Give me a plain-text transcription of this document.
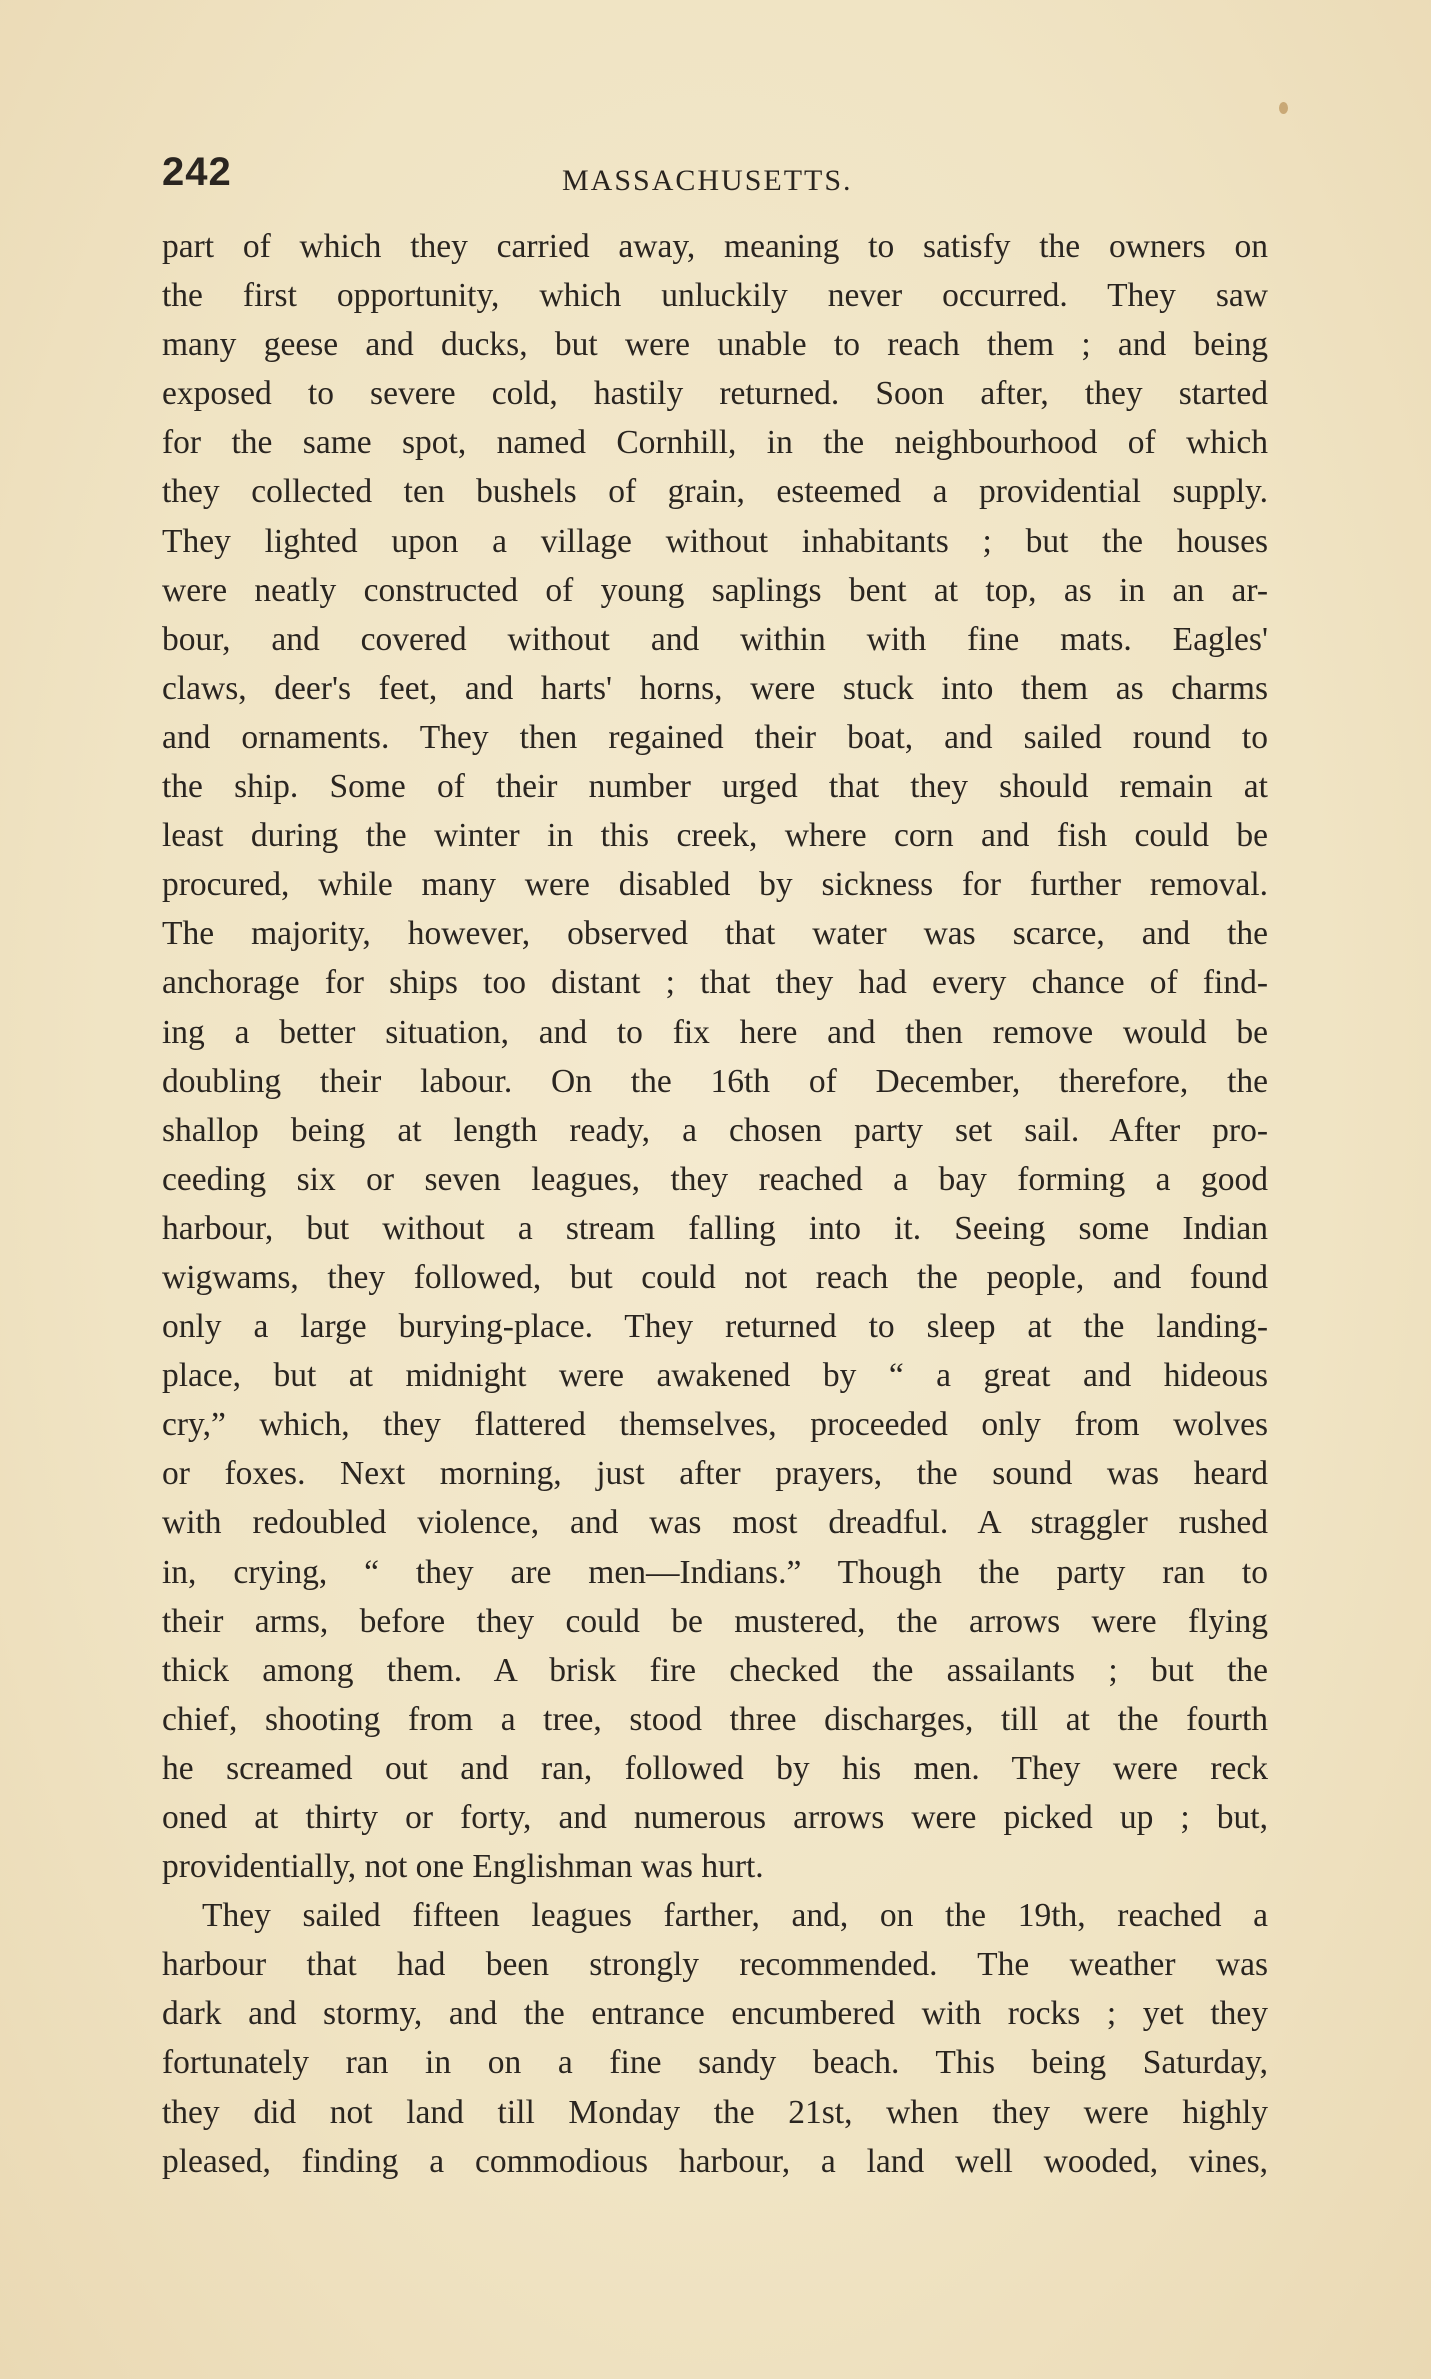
242	MASSACHUSETTS.
part of which they carried away, meaning to satisfy the owners on
the first opportunity, which unluckily never occurred. They saw
many geese and ducks, but were unable to reach them ; and being
exposed to severe cold, hastily returned. Soon after, they started
for the same spot, named Cornhill, in the neighbourhood of which
they collected ten bushels of grain, esteemed a providential supply.
They lighted upon a village without inhabitants ; but the houses
were neatly constructed of young saplings bent at top, as in an ar-
bour, and covered without and within with fine mats. Eagles'
claws, deer's feet, and harts' horns, were stuck into them as charms
and ornaments. They then regained their boat, and sailed round to
the ship. Some of their number urged that they should remain at
least during the winter in this creek, where corn and fish could be
procured, while many were disabled by sickness for further removal.
The majority, however, observed that water was scarce, and the
anchorage for ships too distant ; that they had every chance of find-
ing a better situation, and to fix here and then remove would be
doubling their labour. On the 16th of December, therefore, the
shallop being at length ready, a chosen party set sail. After pro-
ceeding six or seven leagues, they reached a bay forming a good
harbour, but without a stream falling into it. Seeing some Indian
wigwams, they followed, but could not reach the people, and found
only a large burying-place. They returned to sleep at the landing-
place, but at midnight were awakened by “ a great and hideous
cry,” which, they flattered themselves, proceeded only from wolves
or foxes. Next morning, just after prayers, the sound was heard
with redoubled violence, and was most dreadful. A straggler rushed
in, crying, “ they are men—Indians.” Though the party ran to
their arms, before they could be mustered, the arrows were flying
thick among them. A brisk fire checked the assailants ; but the
chief, shooting from a tree, stood three discharges, till at the fourth
he screamed out and ran, followed by his men. They were reck
oned at thirty or forty, and numerous arrows were picked up ; but,
providentially, not one Englishman was hurt.
They sailed fifteen leagues farther, and, on the 19th, reached a
harbour that had been strongly recommended. The weather was
dark and stormy, and the entrance encumbered with rocks ; yet they
fortunately ran in on a fine sandy beach. This being Saturday,
they did not land till Monday the 21st, when they were highly
pleased, finding a commodious harbour, a land well wooded, vines,
